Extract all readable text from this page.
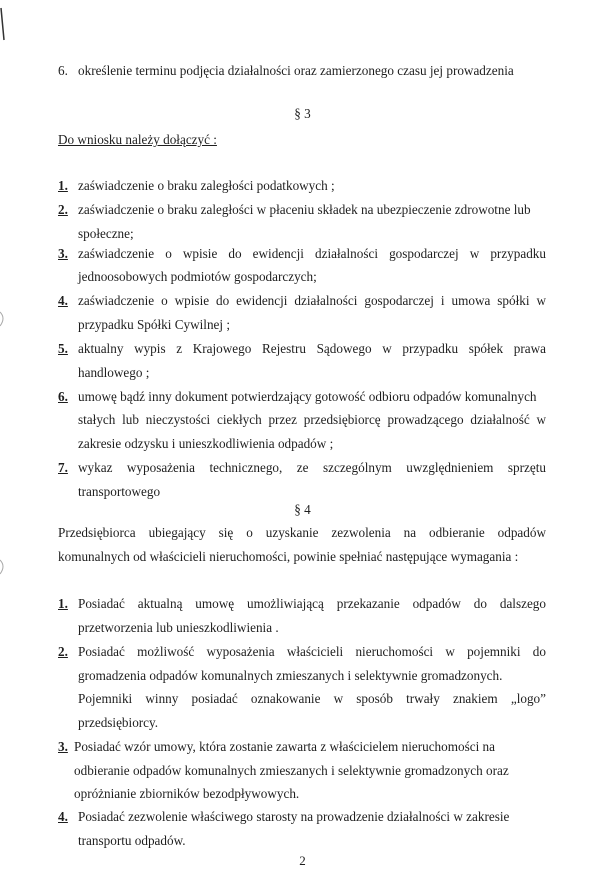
6. określenie terminu podjęcia działalności oraz zamierzonego czasu jej prowadzenia
§ 3
Do wniosku należy dołączyć :
1. zaświadczenie o braku zaległości podatkowych ;
2. zaświadczenie o braku zaległości w płaceniu składek na ubezpieczenie zdrowotne lub
społeczne;
3. zaświadczenie o wpisie do ewidencji działalności gospodarczej w przypadku
jednoosobowych podmiotów gospodarczych;
4. zaświadczenie o wpisie do ewidencji działalności gospodarczej i umowa spółki w
przypadku Spółki Cywilnej ;
5. aktualny wypis z Krajowego Rejestru Sądowego w przypadku spółek prawa
handlowego ;
6. umowę bądź inny dokument potwierdzający gotowość odbioru odpadów komunalnych
stałych lub nieczystości ciekłych przez przedsiębiorcę prowadzącego działalność w
zakresie odzysku i unieszkodliwienia odpadów ;
7. wykaz wyposażenia technicznego, ze szczególnym uwzględnieniem sprzętu
transportowego
§ 4
Przedsiębiorca ubiegający się o uzyskanie zezwolenia na odbieranie odpadów
komunalnych od właścicieli nieruchomości, powinie spełniać następujące wymagania :
1. Posiadać aktualną umowę umożliwiającą przekazanie odpadów do dalszego
przetworzenia lub unieszkodliwienia .
2. Posiadać możliwość wyposażenia właścicieli nieruchomości w pojemniki do
gromadzenia odpadów komunalnych zmieszanych i selektywnie gromadzonych.
Pojemniki winny posiadać oznakowanie w sposób trwały znakiem „logo”
przedsiębiorcy.
3. Posiadać wzór umowy, która zostanie zawarta z właścicielem nieruchomości na
odbieranie odpadów komunalnych zmieszanych i selektywnie gromadzonych oraz
opróżnianie zbiorników bezodpływowych.
4. Posiadać zezwolenie właściwego starosty na prowadzenie działalności w zakresie
transportu odpadów.
2
